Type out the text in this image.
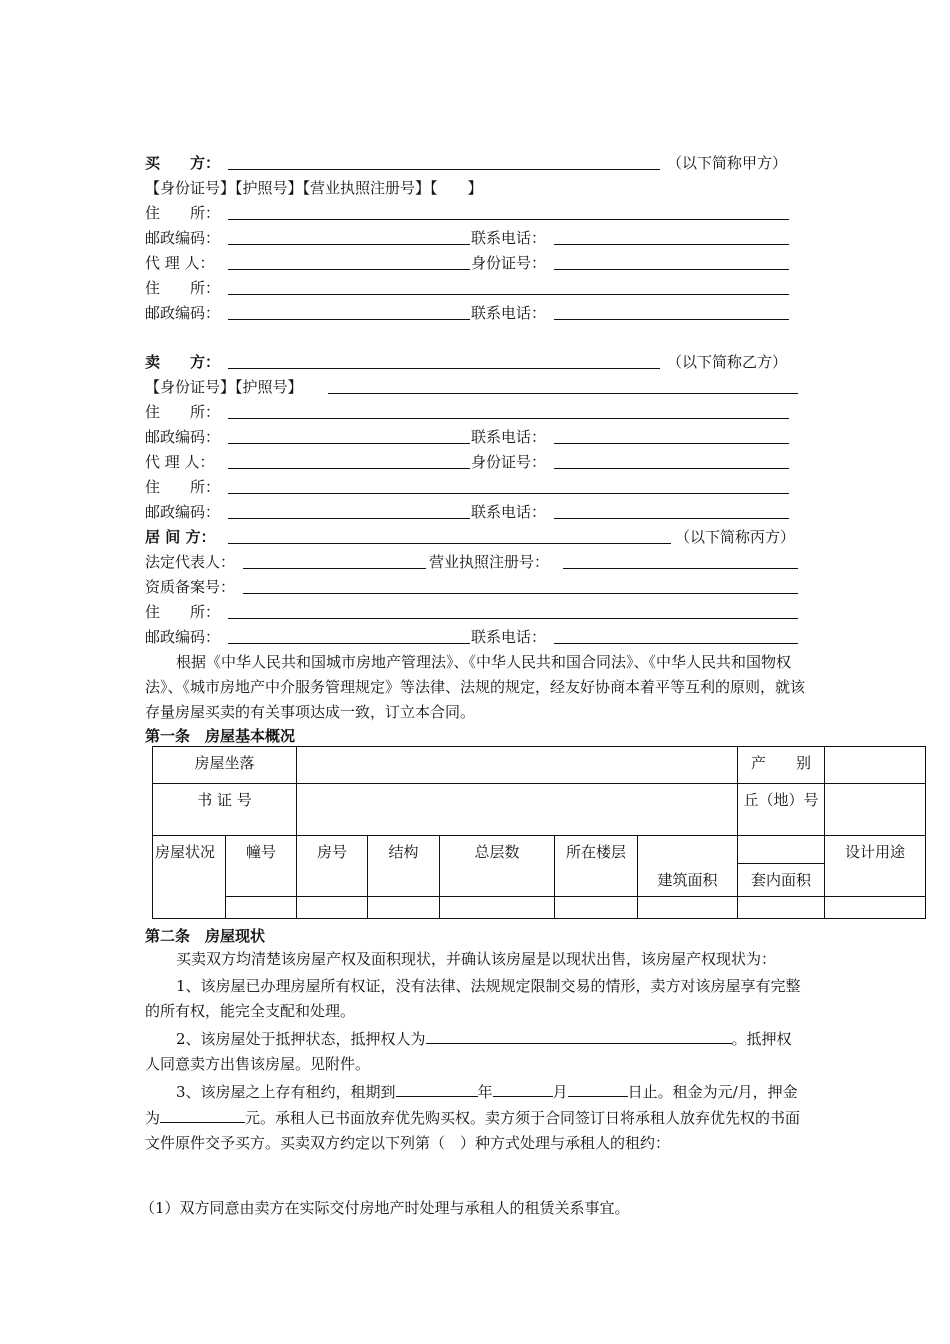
买　　方：	（以下简称甲方）
【身份证号】【护照号】【营业执照注册号】【　　】
住　　所：
邮政编码：	联系电话：
代 理 人：	身份证号：
住　　所：
邮政编码：	联系电话：
卖　　方：	（以下简称乙方）
【身份证号】【护照号】
住　　所：
邮政编码：	联系电话：
代 理 人：	身份证号：
住　　所：
邮政编码：	联系电话：
居 间 方：	（以下简称丙方）
法定代表人：	营业执照注册号：
资质备案号：
住　　所：
邮政编码：	联系电话：

根据《中华人民共和国城市房地产管理法》、《中华人民共和国合同法》、《中华人民共和国物权法》、《城市房地产中介服务管理规定》等法律、法规的规定，经友好协商本着平等互利的原则，就该存量房屋买卖的有关事项达成一致，订立本合同。

第一条　房屋基本概况
房屋坐落							产　　别	
书 证 号							丘（地）号	
房屋状况	幢号	房号	结构	总层数	所在楼层	建筑面积		设计用途
							套内面积	

第二条　房屋现状

买卖双方均清楚该房屋产权及面积现状，并确认该房屋是以现状出售，该房屋产权现状为：

1、该房屋已办理房屋所有权证，没有法律、法规规定限制交易的情形，卖方对该房屋享有完整的所有权，能完全支配和处理。

2、该房屋处于抵押状态，抵押权人为	。抵押权人同意卖方出售该房屋。见附件。

3、该房屋之上存有租约，租期到	年	月	日止。租金为元/月，押金为	元。承租人已书面放弃优先购买权。卖方须于合同签订日将承租人放弃优先权的书面文件原件交予买方。买卖双方约定以下列第（　）种方式处理与承租人的租约：

（1）双方同意由卖方在实际交付房地产时处理与承租人的租赁关系事宜。
